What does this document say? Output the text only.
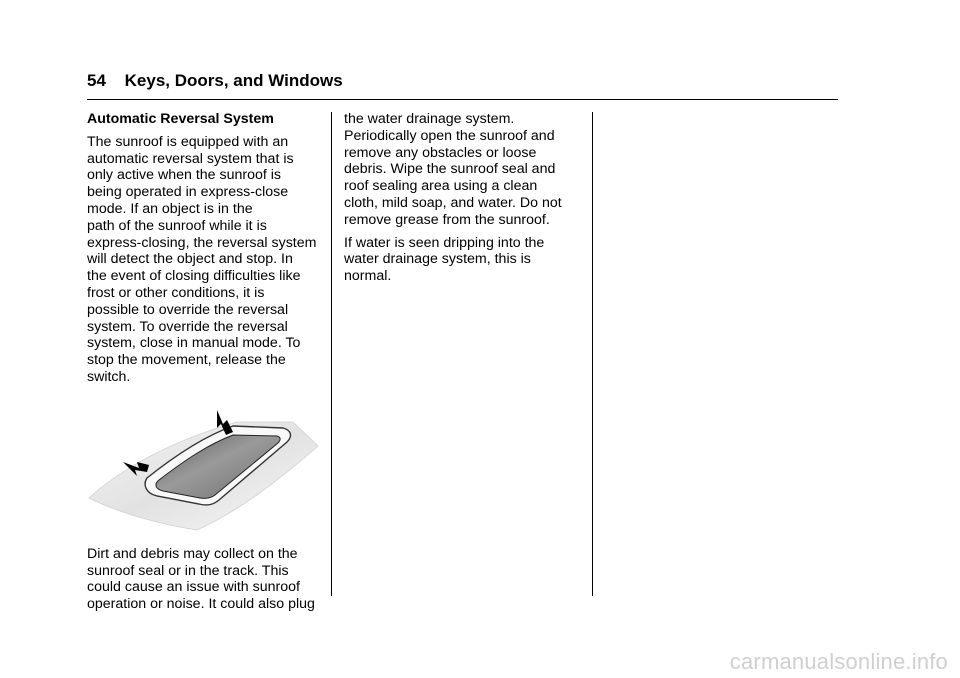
54 Keys, Doors, and Windows
Automatic Reversal System
The sunroof is equipped with an
automatic reversal system that is
only active when the sunroof is
being operated in express-close
mode. If an object is in the
path of the sunroof while it is
express-closing, the reversal system
will detect the object and stop. In
the event of closing difficulties like
frost or other conditions, it is
possible to override the reversal
system. To override the reversal
system, close in manual mode. To
stop the movement, release the
switch.
Dirt and debris may collect on the
sunroof seal or in the track. This
could cause an issue with sunroof
operation or noise. It could also plug
the water drainage system.
Periodically open the sunroof and
remove any obstacles or loose
debris. Wipe the sunroof seal and
roof sealing area using a clean
cloth, mild soap, and water. Do not
remove grease from the sunroof.
If water is seen dripping into the
water drainage system, this is
normal.
carmanualsonline.info
